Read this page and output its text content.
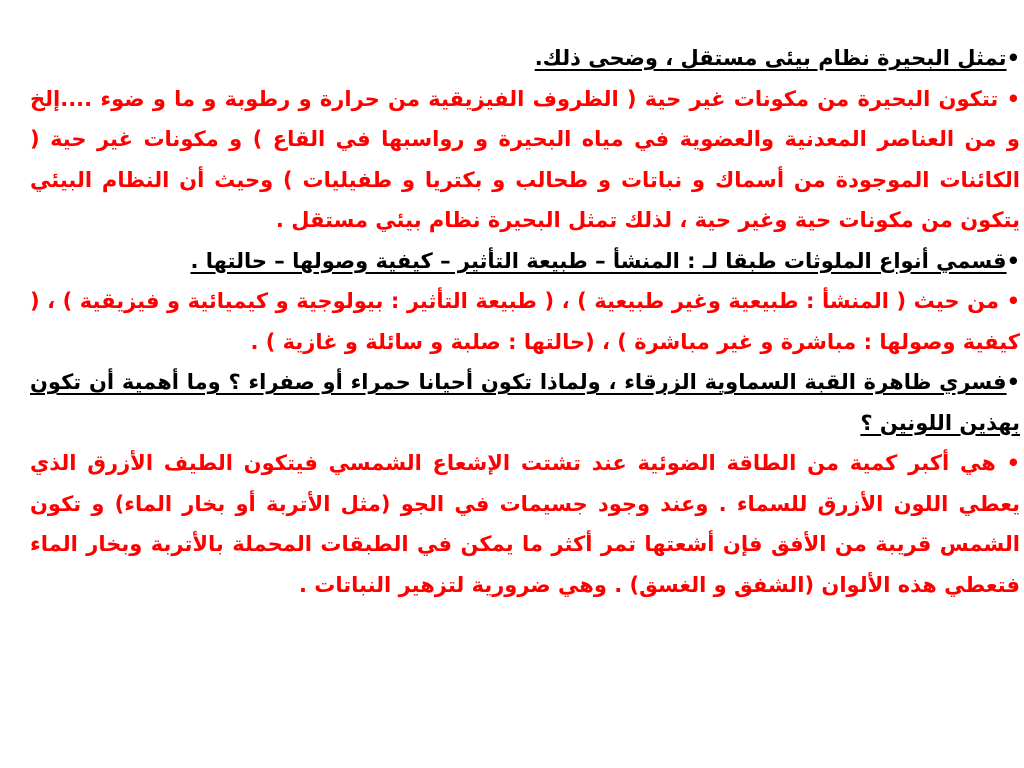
•تمثل البحيرة نظام بيئى مستقل ، وضحى ذلك.

• تتكون البحيرة من مكونات غير حية ( الظروف الفيزيقية من حرارة و رطوبة و ما و ضوء ....إلخ و من العناصر المعدنية والعضوية في مياه البحيرة و رواسبها في القاع ) و مكونات غير حية ( الكائنات الموجودة من أسماك و نباتات و طحالب و بكتريا و طفيليات ) وحيث أن النظام البيئي يتكون من مكونات حية وغير حية ، لذلك تمثل البحيرة نظام بيئي مستقل .

•قسمي أنواع الملوثات طبقا لـ : المنشأ – طبيعة التأثير – كيفية وصولها – حالتها .

• من حيث ( المنشأ : طبيعية وغير طبيعية ) ، ( طبيعة التأثير : بيولوجية و كيميائية و فيزيقية ) ، ( كيفية وصولها : مباشرة و غير مباشرة ) ، (حالتها : صلبة و سائلة و غازية ) .

•فسري ظاهرة القبة السماوية الزرقاء ، ولماذا تكون أحيانا حمراء أو صفراء ؟ وما أهمية أن تكون بهذين اللونين ؟

• هي أكبر كمية من الطاقة الضوئية عند تشتت الإشعاع الشمسي فيتكون الطيف الأزرق الذي يعطي اللون الأزرق للسماء . وعند وجود جسيمات في الجو (مثل الأتربة أو بخار الماء) و تكون الشمس قريبة من الأفق فإن أشعتها تمر أكثر ما يمكن في الطبقات المحملة بالأتربة وبخار الماء فتعطي هذه الألوان (الشفق و الغسق) . وهي ضرورية لتزهير النباتات .
